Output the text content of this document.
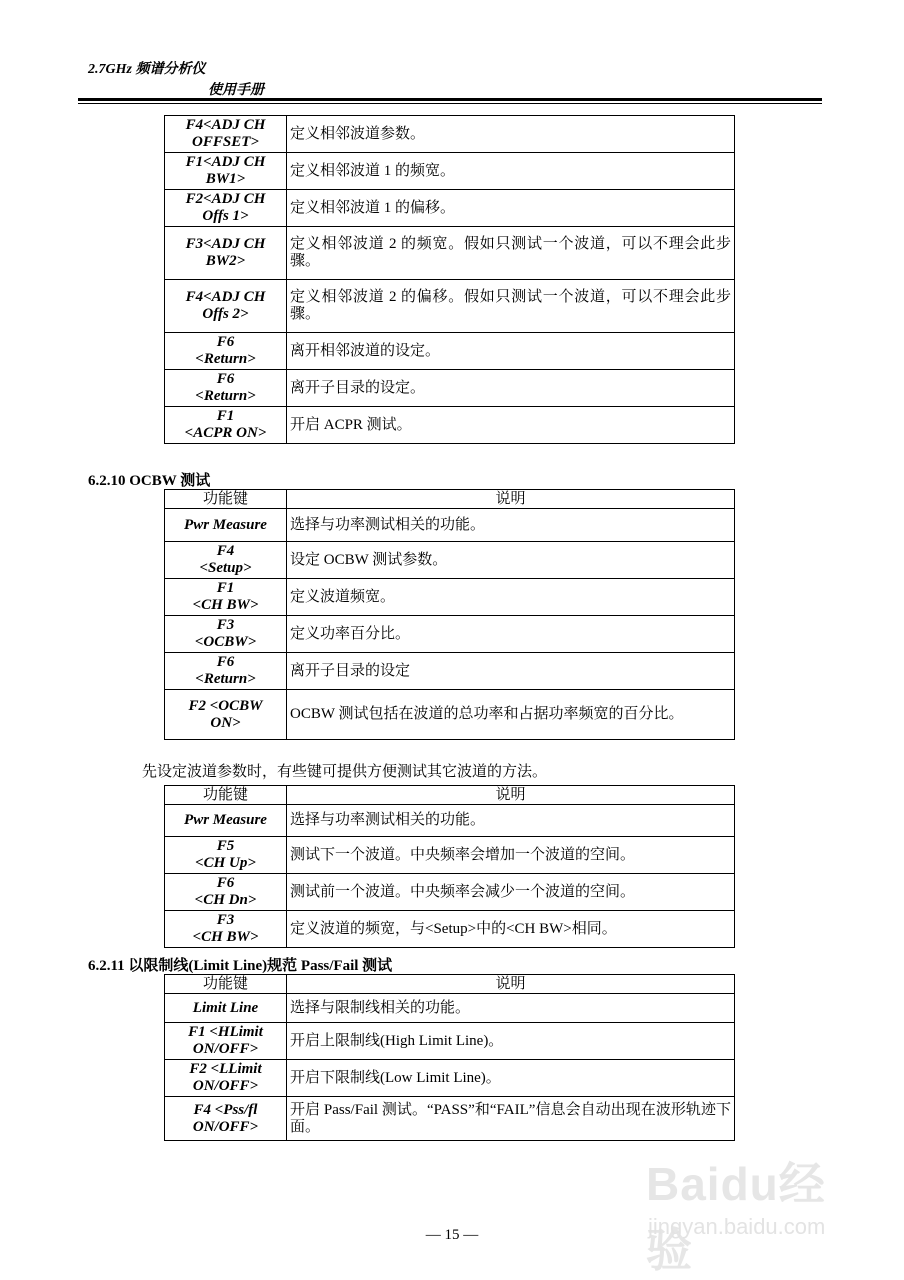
2.7GHz 频谱分析仪
使用手册
F4<ADJ CH
OFFSET>	定义相邻波道参数。
F1<ADJ CH
BW1>	定义相邻波道 1 的频宽。
F2<ADJ CH
Offs 1>	定义相邻波道 1 的偏移。
F3<ADJ CH
BW2>	定义相邻波道 2 的频宽。假如只测试一个波道，可以不理会此步骤。
F4<ADJ CH
Offs 2>	定义相邻波道 2 的偏移。假如只测试一个波道，可以不理会此步骤。
F6
<Return>	离开相邻波道的设定。
F6
<Return>	离开子目录的设定。
F1
<ACPR ON>	开启 ACPR 测试。
6.2.10 OCBW 测试
功能键	说明
Pwr Measure	选择与功率测试相关的功能。
F4
<Setup>	设定 OCBW 测试参数。
F1
<CH BW>	定义波道频宽。
F3
<OCBW>	定义功率百分比。
F6
<Return>	离开子目录的设定
F2 <OCBW
ON>	OCBW 测试包括在波道的总功率和占据功率频宽的百分比。
先设定波道参数时，有些键可提供方便测试其它波道的方法。
功能键	说明
Pwr Measure	选择与功率测试相关的功能。
F5
<CH Up>	测试下一个波道。中央频率会增加一个波道的空间。
F6
<CH Dn>	测试前一个波道。中央频率会减少一个波道的空间。
F3
<CH BW>	定义波道的频宽，与<Setup>中的<CH BW>相同。
6.2.11 以限制线(Limit Line)规范 Pass/Fail 测试
功能键	说明
Limit Line	选择与限制线相关的功能。
F1 <HLimit
ON/OFF>	开启上限制线(High Limit Line)。
F2 <LLimit
ON/OFF>	开启下限制线(Low Limit Line)。
F4 <Pss/fl
ON/OFF>	开启 Pass/Fail 测试。“PASS”和“FAIL”信息会自动出现在波形轨迹下面。
Baidu经验
jingyan.baidu.com
— 15 —
